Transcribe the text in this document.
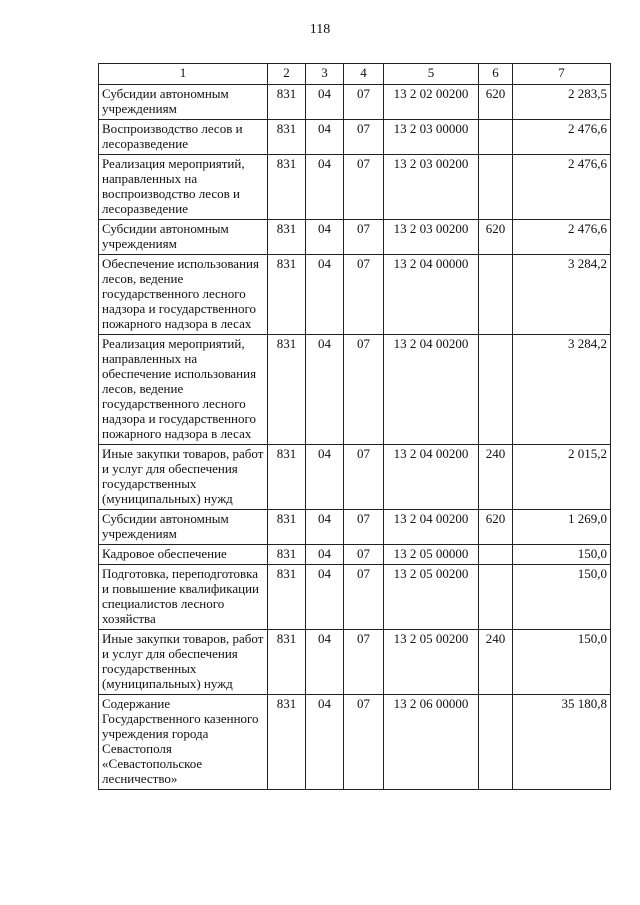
118
1	2	3	4	5	6	7
Субсидии автономным учреждениям	831	04	07	13 2 02 00200	620	2 283,5
Воспроизводство лесов и лесоразведение	831	04	07	13 2 03 00000		2 476,6
Реализация мероприятий, направленных на воспроизводство лесов и лесоразведение	831	04	07	13 2 03 00200		2 476,6
Субсидии автономным учреждениям	831	04	07	13 2 03 00200	620	2 476,6
Обеспечение использования лесов, ведение государственного лесного надзора и государственного пожарного надзора в лесах	831	04	07	13 2 04 00000		3 284,2
Реализация мероприятий, направленных на обеспечение использования лесов, ведение государственного лесного надзора и государственного пожарного надзора в лесах	831	04	07	13 2 04 00200		3 284,2
Иные закупки товаров, работ и услуг для обеспечения государственных (муниципальных) нужд	831	04	07	13 2 04 00200	240	2 015,2
Субсидии автономным учреждениям	831	04	07	13 2 04 00200	620	1 269,0
Кадровое обеспечение	831	04	07	13 2 05 00000		150,0
Подготовка, переподготовка и повышение квалификации специалистов лесного хозяйства	831	04	07	13 2 05 00200		150,0
Иные закупки товаров, работ и услуг для обеспечения государственных (муниципальных) нужд	831	04	07	13 2 05 00200	240	150,0
Содержание Государственного казенного учреждения города Севастополя «Севастопольское лесничество»	831	04	07	13 2 06 00000		35 180,8
